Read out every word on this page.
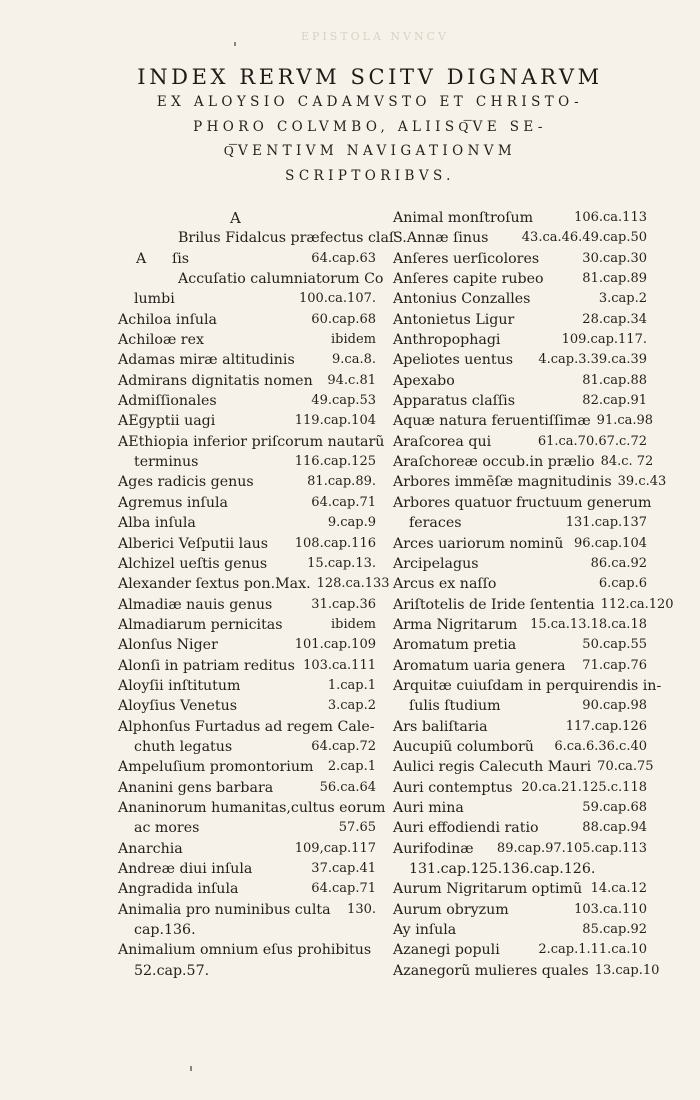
EPISTOLA NVNCV
INDEX RERVM SCITV DIGNARVM
EX ALOYSIO CADAMVSTO ET CHRISTO-
PHORO COLVMBO, ALIISQ͞VE SE-
Q͞VENTIVM NAVIGATIONVM
SCRIPTORIBVS.
A
Brilus Fidalcus præfectus claſ
A	ſis	64.cap.63
Accuſatio calumniatorum Co
lumbi	100.ca.107.
Achiloa inſula	60.cap.68
Achiloæ rex	ibidem
Adamas miræ altitudinis	9.ca.8.
Admirans dignitatis nomen	94.c.81
Admiſſionales	49.cap.53
AEgyptii uagi	119.cap.104
AEthiopia inferior priſcorum nautarũ
terminus	116.cap.125
Ages radicis genus	81.cap.89.
Agremus inſula	64.cap.71
Alba inſula	9.cap.9
Alberici Veſputii laus	108.cap.116
Alchizel ueſtis genus	15.cap.13.
Alexander ſextus pon.Max. 128.ca.133
Almadiæ nauis genus	31.cap.36
Almadiarum pernicitas	ibidem
Alonſus Niger	101.cap.109
Alonſi in patriam reditus 103.ca.111
Aloyſii inſtitutum	1.cap.1
Aloyſius Venetus	3.cap.2
Alphonſus Furtadus ad regem Cale-
chuth legatus	64.cap.72
Ampeluſium promontorium	2.cap.1
Ananini gens barbara	56.ca.64
Ananinorum humanitas,cultus eorum
ac mores	57.65
Anarchia	109,cap.117
Andreæ diui inſula	37.cap.41
Angradida inſula	64.cap.71
Animalia pro numinibus culta	130.
cap.136.
Animalium omnium eſus prohibitus
52.cap.57.
Animal monſtroſum	106.ca.113
S.Annæ ſinus	43.ca.46.49.cap.50
Anſeres uerſicolores	30.cap.30
Anſeres capite rubeo	81.cap.89
Antonius Conzalles	3.cap.2
Antonietus Ligur	28.cap.34
Anthropophagi	109.cap.117.
Apeliotes uentus	4.cap.3.39.ca.39
Apexabo	81.cap.88
Apparatus claſſis	82.cap.91
Aquæ natura feruentiſſimæ 91.ca.98
Araſcorea qui	61.ca.70.67.c.72
Araſchoreæ occub.in prælio 84.c. 72
Arbores immēſæ magnitudinis 39.c.43
Arbores quatuor fructuum generum
feraces	131.cap.137
Arces uariorum nominũ 96.cap.104
Arcipelagus	86.ca.92
Arcus ex naſſo	6.cap.6
Ariſtotelis de Iride ſententia 112.ca.120
Arma Nigritarum 15.ca.13.18.ca.18
Aromatum pretia	50.cap.55
Aromatum uaria genera	71.cap.76
Arquitæ cuiuſdam in perquirendis in-
ſulis ſtudium	90.cap.98
Ars baliſtaria	117.cap.126
Aucupiũ columborũ	6.ca.6.36.c.40
Aulici regis Calecuth Mauri 70.ca.75
Auri contemptus 20.ca.21.125.c.118
Auri mina	59.cap.68
Auri effodiendi ratio	88.cap.94
Aurifodinæ	89.cap.97.105.cap.113
131.cap.125.136.cap.126.
Aurum Nigritarum optimũ 14.ca.12
Aurum obryzum	103.ca.110
Ay inſula	85.cap.92
Azanegi populi	2.cap.1.11.ca.10
Azanegorũ mulieres quales 13.cap.10
